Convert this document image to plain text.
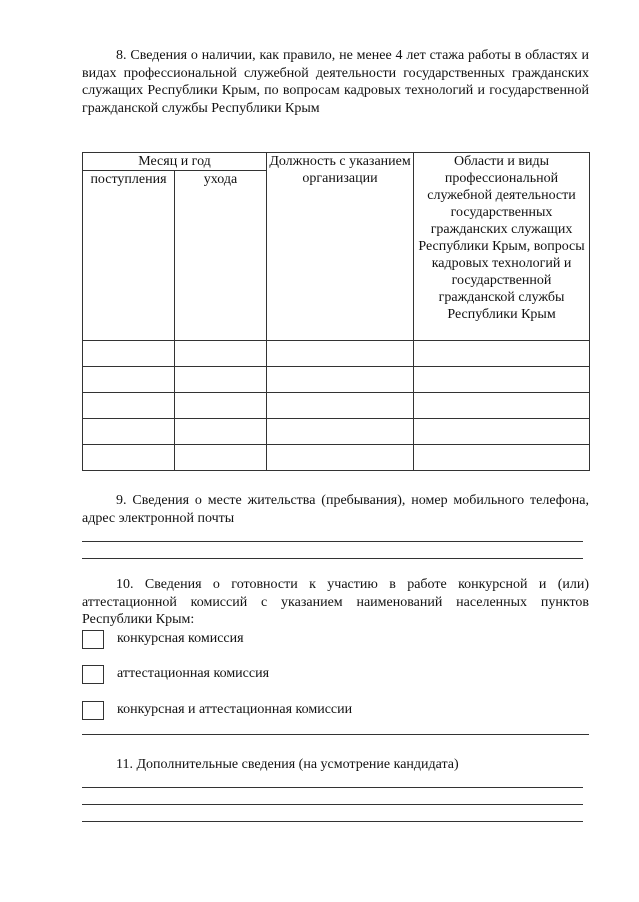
8. Сведения о наличии, как правило, не менее 4 лет стажа работы в областях и видах профессиональной служебной деятельности государственных гражданских служащих Республики Крым, по вопросам кадровых технологий и государственной гражданской службы Республики Крым
Месяц и год		Должность с указанием организации	Области и виды профессиональной служебной деятельности государственных гражданских служащих Республики Крым, вопросы кадровых технологий и государственной гражданской службы Республики Крым
поступления	ухода		

9. Сведения о месте жительства (пребывания), номер мобильного телефона, адрес электронной почты
10. Сведения о готовности к участию в работе конкурсной и (или) аттестационной комиссий с указанием наименований населенных пунктов Республики Крым:
конкурсная комиссия
аттестационная комиссия
конкурсная и аттестационная комиссии
11. Дополнительные сведения (на усмотрение кандидата)
